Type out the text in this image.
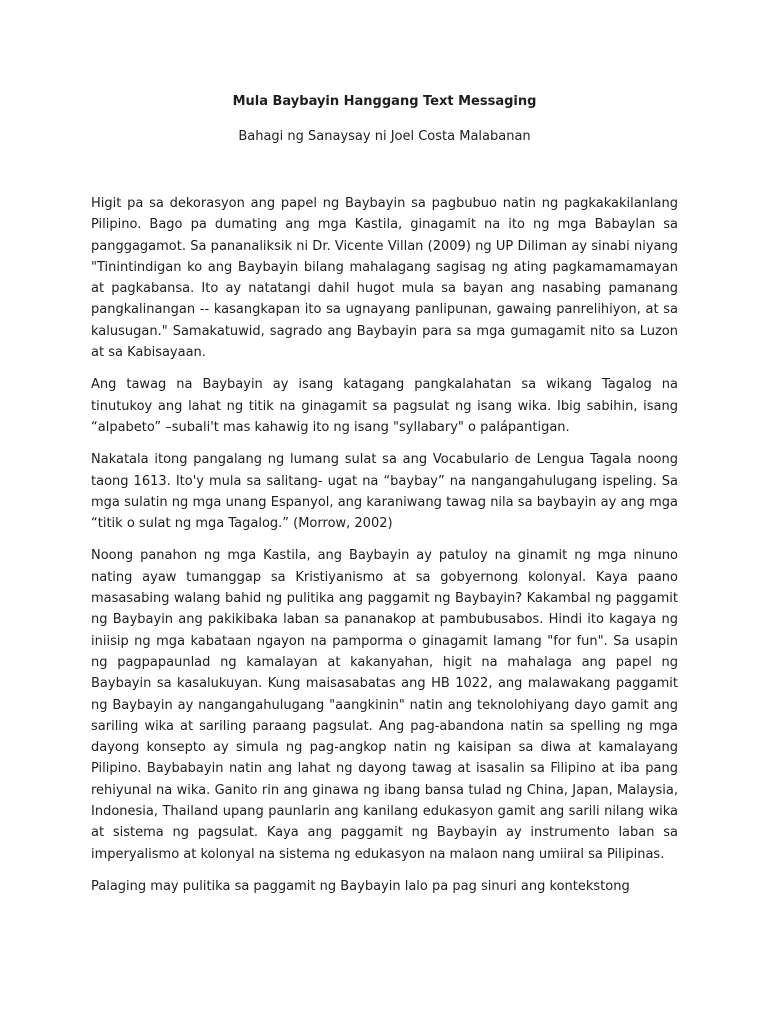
Mula Baybayin Hanggang Text Messaging

Bahagi ng Sanaysay ni Joel Costa Malabanan

Higit pa sa dekorasyon ang papel ng Baybayin sa pagbubuo natin ng pagkakakilanlang Pilipino. Bago pa dumating ang mga Kastila, ginagamit na ito ng mga Babaylan sa panggagamot. Sa pananaliksik ni Dr. Vicente Villan (2009) ng UP Diliman ay sinabi niyang "Tinintindigan ko ang Baybayin bilang mahalagang sagisag ng ating pagkamamamayan at pagkabansa. Ito ay natatangi dahil hugot mula sa bayan ang nasabing pamanang pangkalinangan -- kasangkapan ito sa ugnayang panlipunan, gawaing panrelihiyon, at sa kalusugan." Samakatuwid, sagrado ang Baybayin para sa mga gumagamit nito sa Luzon at sa Kabisayaan.

Ang tawag na Baybayin ay isang katagang pangkalahatan sa wikang Tagalog na tinutukoy ang lahat ng titik na ginagamit sa pagsulat ng isang wika. Ibig sabihin, isang “alpabeto” –subali't mas kahawig ito ng isang "syllabary" o palápantigan.

Nakatala itong pangalang ng lumang sulat sa ang Vocabulario de Lengua Tagala noong taong 1613. Ito'y mula sa salitang- ugat na “baybay” na nangangahulugang ispeling. Sa mga sulatin ng mga unang Espanyol, ang karaniwang tawag nila sa baybayin ay ang mga “titik o sulat ng mga Tagalog.” (Morrow, 2002)

Noong panahon ng mga Kastila, ang Baybayin ay patuloy na ginamit ng mga ninuno nating ayaw tumanggap sa Kristiyanismo at sa gobyernong kolonyal. Kaya paano masasabing walang bahid ng pulitika ang paggamit ng Baybayin? Kakambal ng paggamit ng Baybayin ang pakikibaka laban sa pananakop at pambubusabos. Hindi ito kagaya ng iniisip ng mga kabataan ngayon na pamporma o ginagamit lamang "for fun". Sa usapin ng pagpapaunlad ng kamalayan at kakanyahan, higit na mahalaga ang papel ng Baybayin sa kasalukuyan. Kung maisasabatas ang HB 1022, ang malawakang paggamit ng Baybayin ay nangangahulugang "aangkinin" natin ang teknolohiyang dayo gamit ang sariling wika at sariling paraang pagsulat. Ang pag-abandona natin sa spelling ng mga dayong konsepto ay simula ng pag-angkop natin ng kaisipan sa diwa at kamalayang Pilipino. Baybabayin natin ang lahat ng dayong tawag at isasalin sa Filipino at iba pang rehiyunal na wika. Ganito rin ang ginawa ng ibang bansa tulad ng China, Japan, Malaysia, Indonesia, Thailand upang paunlarin ang kanilang edukasyon gamit ang sarili nilang wika at sistema ng pagsulat. Kaya ang paggamit ng Baybayin ay instrumento laban sa imperyalismo at kolonyal na sistema ng edukasyon na malaon nang umiiral sa Pilipinas.

Palaging may pulitika sa paggamit ng Baybayin lalo pa pag sinuri ang kontekstong
